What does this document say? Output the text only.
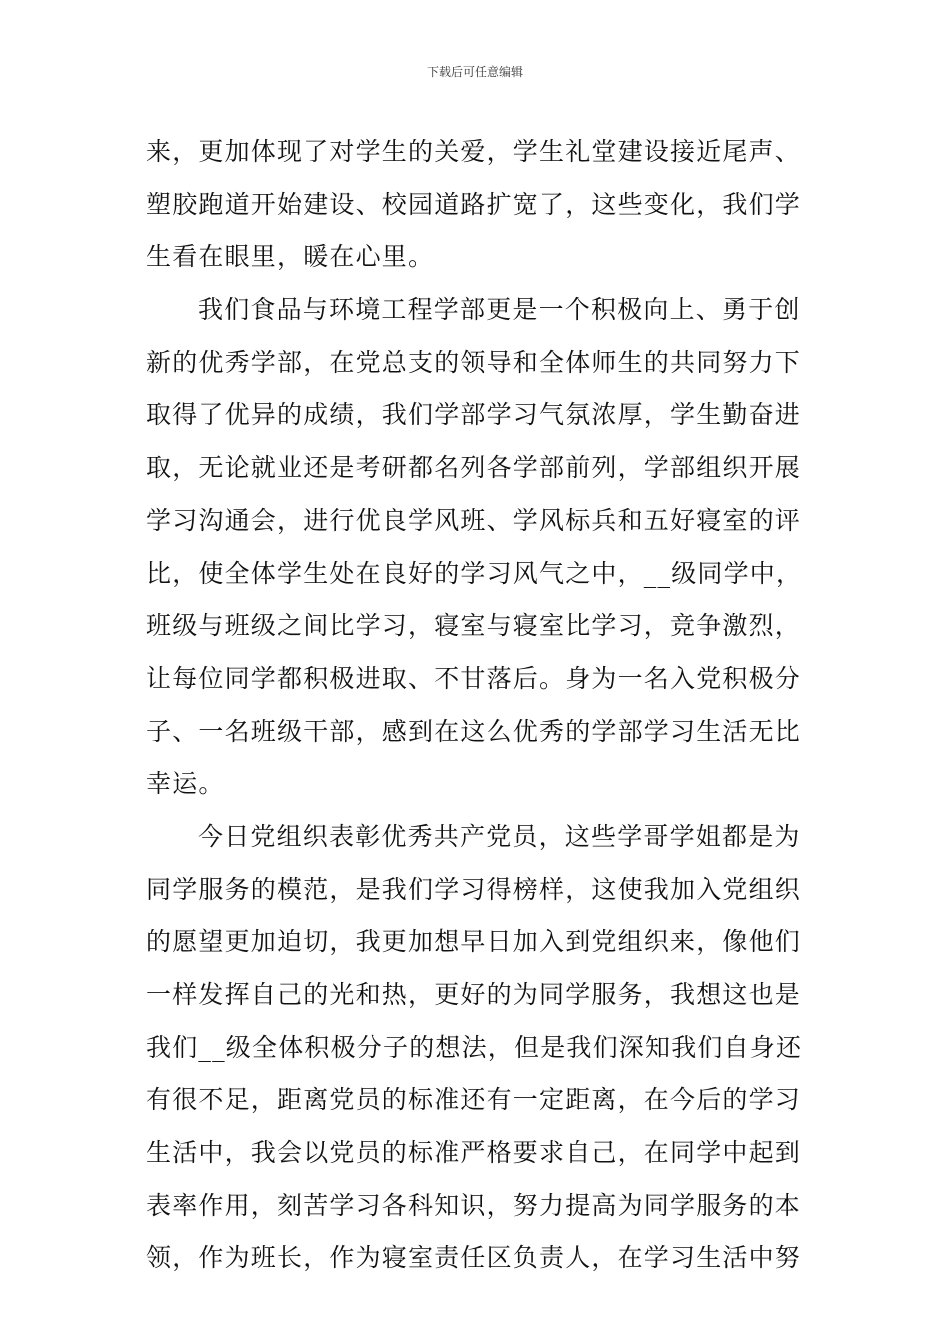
下载后可任意编辑
来，更加体现了对学生的关爱，学生礼堂建设接近尾声、
塑胶跑道开始建设、校园道路扩宽了，这些变化，我们学
生看在眼里，暖在心里。
我们食品与环境工程学部更是一个积极向上、勇于创
新的优秀学部，在党总支的领导和全体师生的共同努力下
取得了优异的成绩，我们学部学习气氛浓厚，学生勤奋进
取，无论就业还是考研都名列各学部前列，学部组织开展
学习沟通会，进行优良学风班、学风标兵和五好寝室的评
比，使全体学生处在良好的学习风气之中，__级同学中，
班级与班级之间比学习，寝室与寝室比学习，竞争激烈，
让每位同学都积极进取、不甘落后。身为一名入党积极分
子、一名班级干部，感到在这么优秀的学部学习生活无比
幸运。
今日党组织表彰优秀共产党员，这些学哥学姐都是为
同学服务的模范，是我们学习得榜样，这使我加入党组织
的愿望更加迫切，我更加想早日加入到党组织来，像他们
一样发挥自己的光和热，更好的为同学服务，我想这也是
我们__级全体积极分子的想法，但是我们深知我们自身还
有很不足，距离党员的标准还有一定距离，在今后的学习
生活中，我会以党员的标准严格要求自己，在同学中起到
表率作用，刻苦学习各科知识，努力提高为同学服务的本
领，作为班长，作为寝室责任区负责人，在学习生活中努
